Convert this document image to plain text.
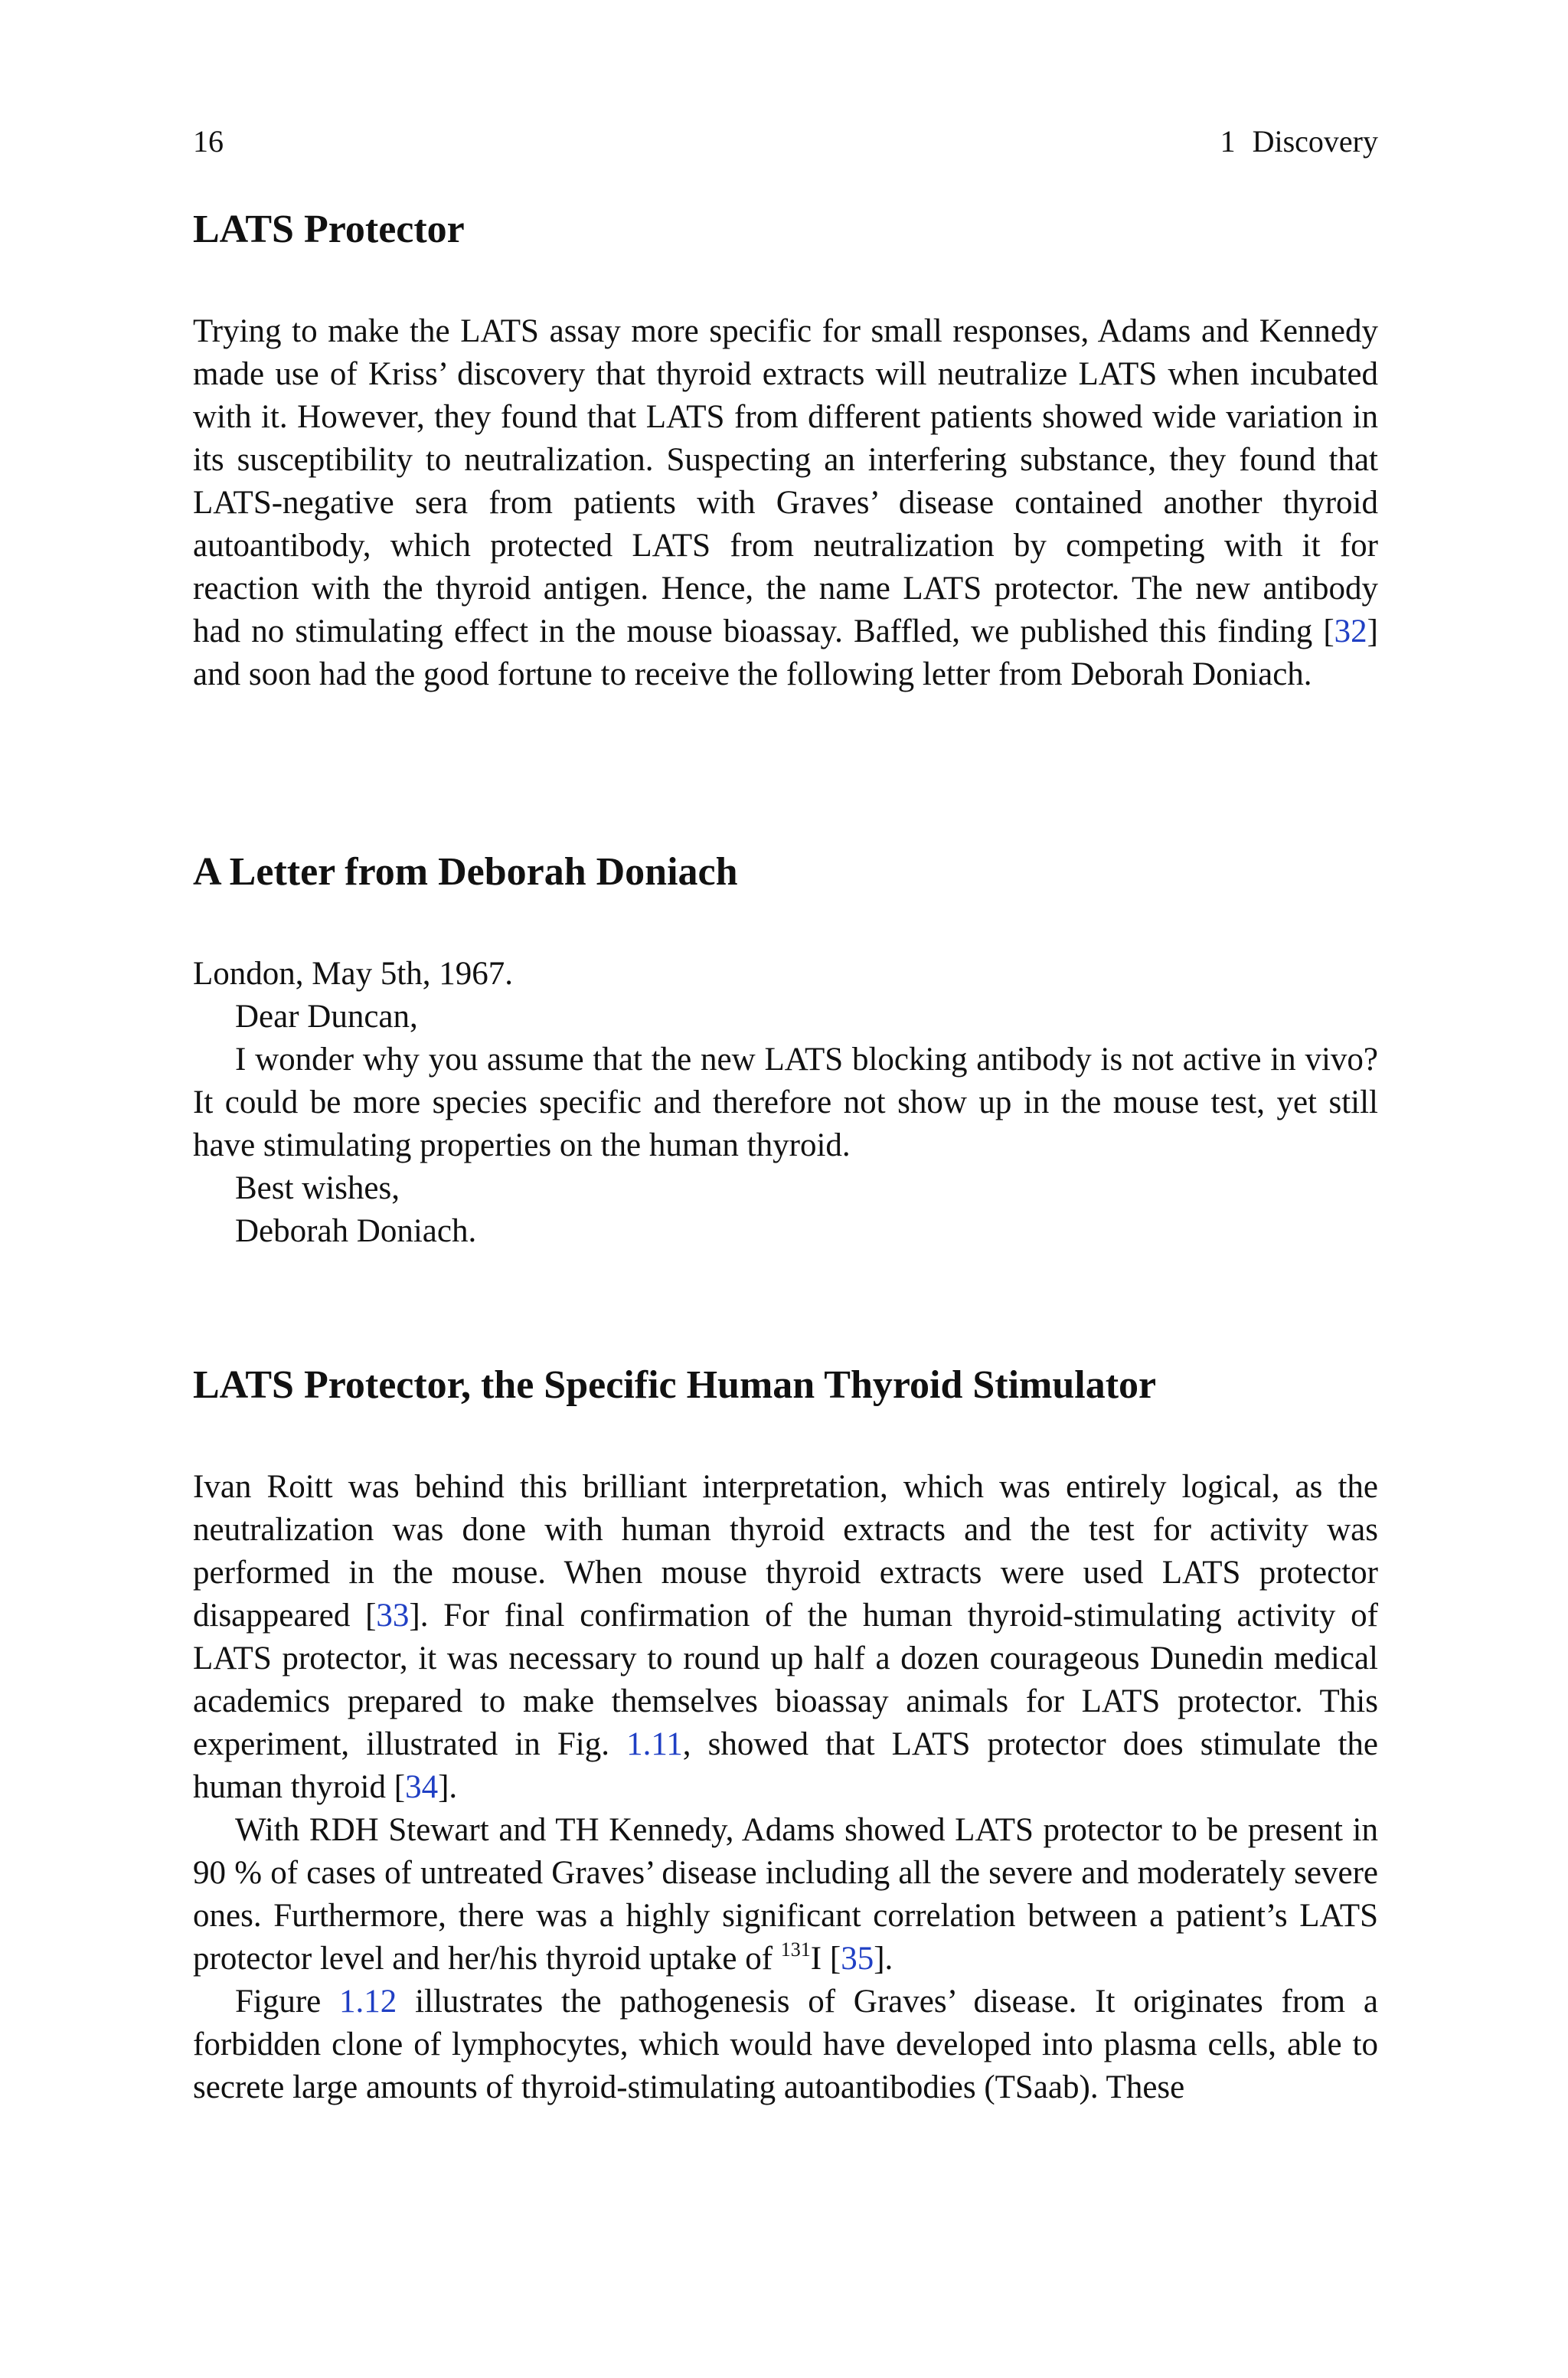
16	1 Discovery
LATS Protector

Trying to make the LATS assay more specific for small responses, Adams and Kennedy made use of Kriss’ discovery that thyroid extracts will neutralize LATS when incubated with it. However, they found that LATS from different patients showed wide variation in its susceptibility to neutralization. Suspecting an interfering substance, they found that LATS-negative sera from patients with Graves’ disease contained another thyroid autoantibody, which protected LATS from neutralization by competing with it for reaction with the thyroid antigen. Hence, the name LATS protector. The new antibody had no stimulating effect in the mouse bioassay. Baffled, we published this finding [32] and soon had the good fortune to receive the following letter from Deborah Doniach.

A Letter from Deborah Doniach

London, May 5th, 1967.

Dear Duncan,

I wonder why you assume that the new LATS blocking antibody is not active in vivo? It could be more species specific and therefore not show up in the mouse test, yet still have stimulating properties on the human thyroid.

Best wishes,

Deborah Doniach.

LATS Protector, the Specific Human Thyroid Stimulator

Ivan Roitt was behind this brilliant interpretation, which was entirely logical, as the neutralization was done with human thyroid extracts and the test for activity was performed in the mouse. When mouse thyroid extracts were used LATS protector disappeared [33]. For final confirmation of the human thyroid-stimulating activity of LATS protector, it was necessary to round up half a dozen courageous Dunedin medical academics prepared to make themselves bioassay animals for LATS protector. This experiment, illustrated in Fig. 1.11, showed that LATS protector does stimulate the human thyroid [34].

With RDH Stewart and TH Kennedy, Adams showed LATS protector to be present in 90 % of cases of untreated Graves’ disease including all the severe and moderately severe ones. Furthermore, there was a highly significant correlation between a patient’s LATS protector level and her/his thyroid uptake of $^{131}$I [35].

Figure 1.12 illustrates the pathogenesis of Graves’ disease. It originates from a forbidden clone of lymphocytes, which would have developed into plasma cells, able to secrete large amounts of thyroid-stimulating autoantibodies (TSaab). These
